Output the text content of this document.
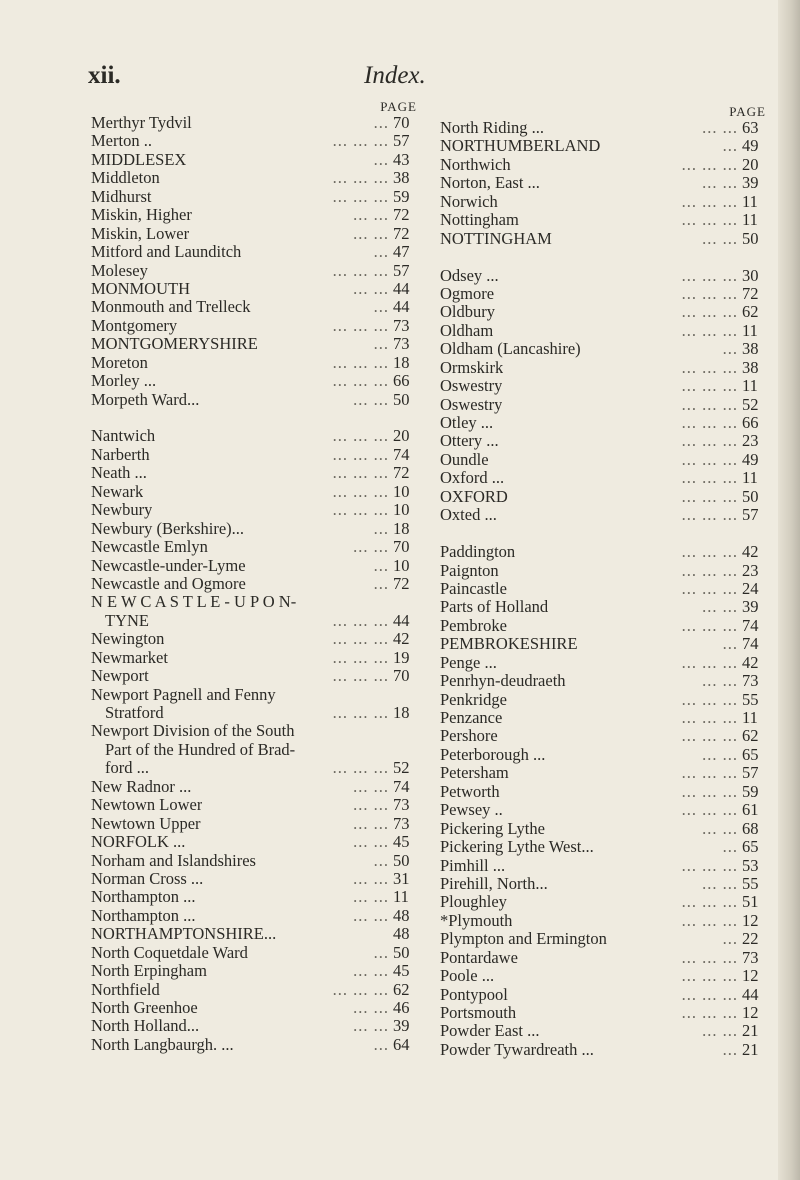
xii.	Index.
PAGE
Merthyr Tydvil	... 70
Merton ..	... ... ... 57
MIDDLESEX	... 43
Middleton	... ... ... 38
Midhurst	... ... ... 59
Miskin, Higher	... ... 72
Miskin, Lower	... ... 72
Mitford and Launditch	... 47
Molesey	... ... ... 57
MONMOUTH	... ... 44
Monmouth and Trelleck	... 44
Montgomery	... ... ... 73
MONTGOMERYSHIRE	... 73
Moreton	... ... ... 18
Morley ...	... ... ... 66
Morpeth Ward...	... ... 50
Nantwich	... ... ... 20
Narberth	... ... ... 74
Neath ...	... ... ... 72
Newark	... ... ... 10
Newbury	... ... ... 10
Newbury (Berkshire)...	... 18
Newcastle Emlyn	... ... 70
Newcastle-under-Lyme	... 10
Newcastle and Ogmore	... 72
N E W C A S T L E - U P O N-
TYNE	... ... ... 44
Newington	... ... ... 42
Newmarket	... ... ... 19
Newport	... ... ... 70
Newport Pagnell and Fenny
Stratford	... ... ... 18
Newport Division of the South
Part of the Hundred of Brad-
ford ...	... ... ... 52
New Radnor ...	... ... 74
Newtown Lower	... ... 73
Newtown Upper	... ... 73
NORFOLK ...	... ... 45
Norham and Islandshires	... 50
Norman Cross ...	... ... 31
Northampton ...	... ... 11
Northampton ...	... ... 48
NORTHAMPTONSHIRE...	48
North Coquetdale Ward	... 50
North Erpingham	... ... 45
Northfield	... ... ... 62
North Greenhoe	... ... 46
North Holland...	... ... 39
North Langbaurgh. ...	... 64
PAGE
North Riding ...	... ... 63
NORTHUMBERLAND	... 49
Northwich	... ... ... 20
Norton, East ...	... ... 39
Norwich	... ... ... 11
Nottingham	... ... ... 11
NOTTINGHAM	... ... 50
Odsey ...	... ... ... 30
Ogmore	... ... ... 72
Oldbury	... ... ... 62
Oldham	... ... ... 11
Oldham (Lancashire)	... 38
Ormskirk	... ... ... 38
Oswestry	... ... ... 11
Oswestry	... ... ... 52
Otley ...	... ... ... 66
Ottery ...	... ... ... 23
Oundle	... ... ... 49
Oxford ...	... ... ... 11
OXFORD	... ... ... 50
Oxted ...	... ... ... 57
Paddington	... ... ... 42
Paignton	... ... ... 23
Paincastle	... ... ... 24
Parts of Holland	... ... 39
Pembroke	... ... ... 74
PEMBROKESHIRE	... 74
Penge ...	... ... ... 42
Penrhyn-deudraeth	... ... 73
Penkridge	... ... ... 55
Penzance	... ... ... 11
Pershore	... ... ... 62
Peterborough ...	... ... 65
Petersham	... ... ... 57
Petworth	... ... ... 59
Pewsey ..	... ... ... 61
Pickering Lythe	... ... 68
Pickering Lythe West...	... 65
Pimhill ...	... ... ... 53
Pirehill, North...	... ... 55
Ploughley	... ... ... 51
*Plymouth	... ... ... 12
Plympton and Ermington	... 22
Pontardawe	... ... ... 73
Poole ...	... ... ... 12
Pontypool	... ... ... 44
Portsmouth	... ... ... 12
Powder East ...	... ... 21
Powder Tywardreath ...	... 21
